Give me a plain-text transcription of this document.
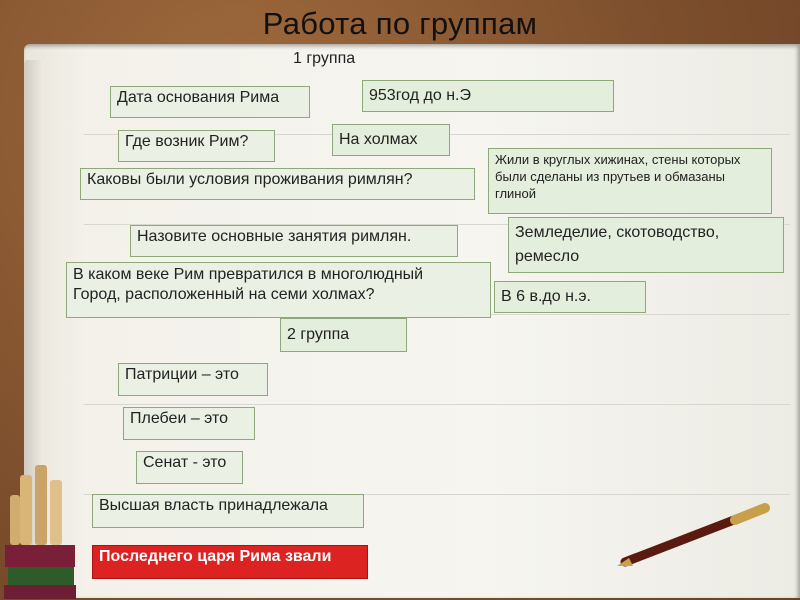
Работа по группам
1 группа
Дата основания Рима
Где возник Рим?
Каковы были условия проживания римлян?
Назовите основные занятия римлян.
В каком веке Рим превратился в многолюдный
Город, расположенный на семи холмах?
953год до н.Э
На холмах
Жили в круглых хижинах, стены которых были сделаны из прутьев и обмазаны глиной
Земледелие, скотоводство, ремесло
В 6 в.до н.э.
2 группа
Патриции – это
Плебеи – это
Сенат - это
Высшая власть принадлежала
Последнего царя Рима звали
